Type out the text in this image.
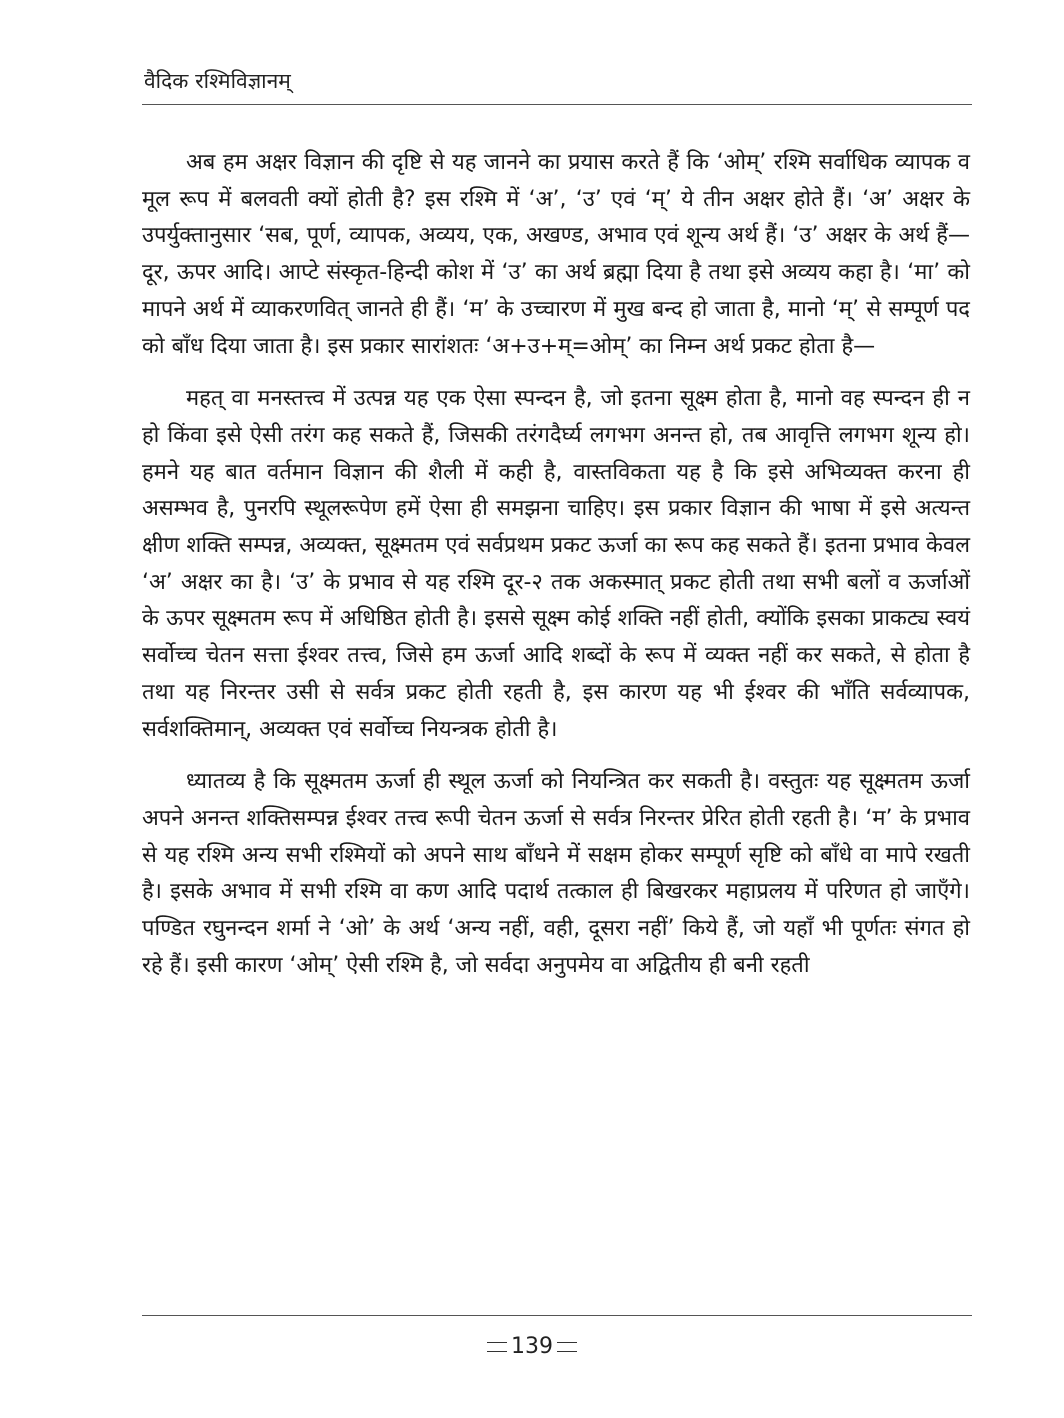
वैदिक रश्मिविज्ञानम्

अब हम अक्षर विज्ञान की दृष्टि से यह जानने का प्रयास करते हैं कि ‘ओम्’ रश्मि सर्वाधिक व्यापक व मूल रूप में बलवती क्यों होती है? इस रश्मि में ‘अ’, ‘उ’ एवं ‘म्’ ये तीन अक्षर होते हैं। ‘अ’ अक्षर के उपर्युक्तानुसार ‘सब, पूर्ण, व्यापक, अव्यय, एक, अखण्ड, अभाव एवं शून्य अर्थ हैं। ‘उ’ अक्षर के अर्थ हैं— दूर, ऊपर आदि। आप्टे संस्कृत-हिन्दी कोश में ‘उ’ का अर्थ ब्रह्मा दिया है तथा इसे अव्यय कहा है। ‘मा’ को मापने अर्थ में व्याकरणवित् जानते ही हैं। ‘म’ के उच्चारण में मुख बन्द हो जाता है, मानो ‘म्’ से सम्पूर्ण पद को बाँध दिया जाता है। इस प्रकार सारांशतः ‘अ+उ+म्=ओम्’ का निम्न अर्थ प्रकट होता है—

महत् वा मनस्तत्त्व में उत्पन्न यह एक ऐसा स्पन्दन है, जो इतना सूक्ष्म होता है, मानो वह स्पन्दन ही न हो किंवा इसे ऐसी तरंग कह सकते हैं, जिसकी तरंगदैर्घ्य लगभग अनन्त हो, तब आवृत्ति लगभग शून्य हो। हमने यह बात वर्तमान विज्ञान की शैली में कही है, वास्तविकता यह है कि इसे अभिव्यक्त करना ही असम्भव है, पुनरपि स्थूलरूपेण हमें ऐसा ही समझना चाहिए। इस प्रकार विज्ञान की भाषा में इसे अत्यन्त क्षीण शक्ति सम्पन्न, अव्यक्त, सूक्ष्मतम एवं सर्वप्रथम प्रकट ऊर्जा का रूप कह सकते हैं। इतना प्रभाव केवल ‘अ’ अक्षर का है। ‘उ’ के प्रभाव से यह रश्मि दूर-२ तक अकस्मात् प्रकट होती तथा सभी बलों व ऊर्जाओं के ऊपर सूक्ष्मतम रूप में अधिष्ठित होती है। इससे सूक्ष्म कोई शक्ति नहीं होती, क्योंकि इसका प्राकट्य स्वयं सर्वोच्च चेतन सत्ता ईश्वर तत्त्व, जिसे हम ऊर्जा आदि शब्दों के रूप में व्यक्त नहीं कर सकते, से होता है तथा यह निरन्तर उसी से सर्वत्र प्रकट होती रहती है, इस कारण यह भी ईश्वर की भाँति सर्वव्यापक, सर्वशक्तिमान्, अव्यक्त एवं सर्वोच्च नियन्त्रक होती है।

ध्यातव्य है कि सूक्ष्मतम ऊर्जा ही स्थूल ऊर्जा को नियन्त्रित कर सकती है। वस्तुतः यह सूक्ष्मतम ऊर्जा अपने अनन्त शक्तिसम्पन्न ईश्वर तत्त्व रूपी चेतन ऊर्जा से सर्वत्र निरन्तर प्रेरित होती रहती है। ‘म’ के प्रभाव से यह रश्मि अन्य सभी रश्मियों को अपने साथ बाँधने में सक्षम होकर सम्पूर्ण सृष्टि को बाँधे वा मापे रखती है। इसके अभाव में सभी रश्मि वा कण आदि पदार्थ तत्काल ही बिखरकर महाप्रलय में परिणत हो जाएँगे। पण्डित रघुनन्दन शर्मा ने ‘ओ’ के अर्थ ‘अन्य नहीं, वही, दूसरा नहीं’ किये हैं, जो यहाँ भी पूर्णतः संगत हो रहे हैं। इसी कारण ‘ओम्’ ऐसी रश्मि है, जो सर्वदा अनुपमेय वा अद्वितीय ही बनी रहती

139
